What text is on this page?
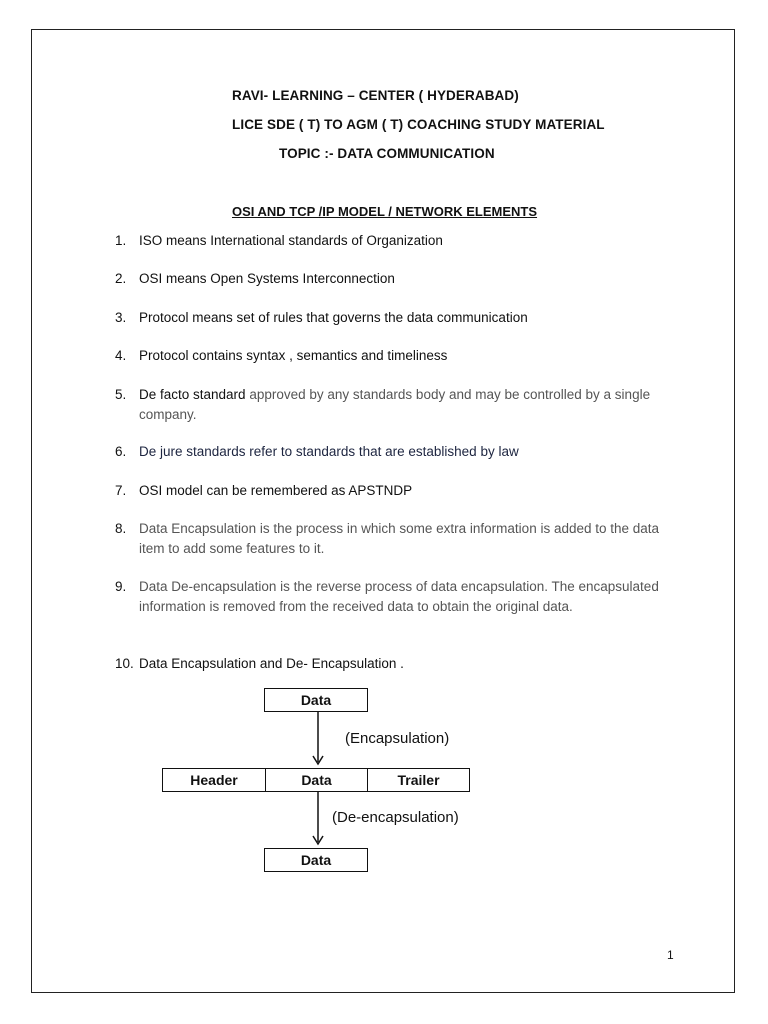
RAVI- LEARNING – CENTER ( HYDERABAD)
LICE SDE ( T) TO AGM ( T) COACHING STUDY MATERIAL
TOPIC :- DATA COMMUNICATION
OSI AND TCP /IP MODEL / NETWORK ELEMENTS
1. ISO means International standards of Organization
2. OSI means Open Systems Interconnection
3. Protocol means set of rules that governs the data communication
4. Protocol contains syntax , semantics and timeliness
5. De facto standard approved by any standards body and may be controlled by a single company.
6. De jure standards refer to standards that are established by law
7. OSI model can be remembered as APSTNDP
8. Data Encapsulation is the process in which some extra information is added to the data item to add some features to it.
9. Data De-encapsulation is the reverse process of data encapsulation. The encapsulated information is removed from the received data to obtain the original data.
10. Data Encapsulation and De- Encapsulation .
Data
(Encapsulation)
Header	Data	Trailer
(De-encapsulation)
Data
1
